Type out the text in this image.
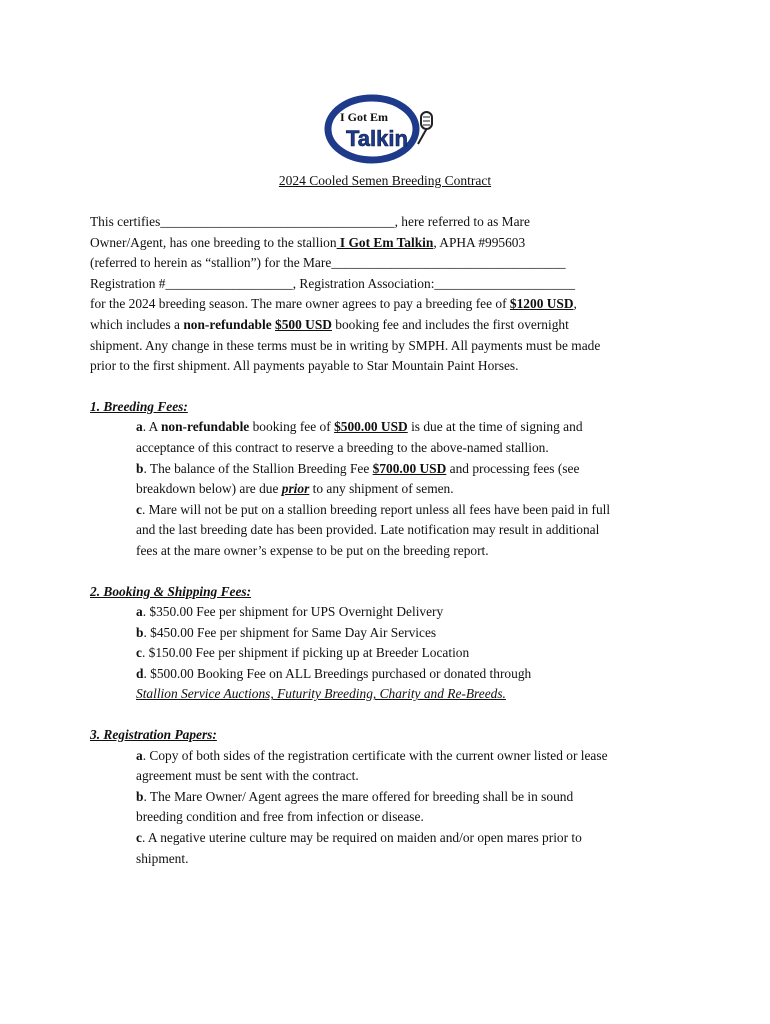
I Got Em
Talkin
2024 Cooled Semen Breeding Contract
This certifies___________________________________, here referred to as Mare
Owner/Agent, has one breeding to the stallion I Got Em Talkin, APHA #995603
(referred to herein as “stallion”) for the Mare___________________________________
Registration #___________________, Registration Association:_____________________
for the 2024 breeding season. The mare owner agrees to pay a breeding fee of $1200 USD,
which includes a non-refundable $500 USD booking fee and includes the first overnight
shipment. Any change in these terms must be in writing by SMPH. All payments must be made
prior to the first shipment. All payments payable to Star Mountain Paint Horses.
1. Breeding Fees:
a. A non-refundable booking fee of $500.00 USD is due at the time of signing and
acceptance of this contract to reserve a breeding to the above-named stallion.
b. The balance of the Stallion Breeding Fee $700.00 USD and processing fees (see
breakdown below) are due prior to any shipment of semen.
c. Mare will not be put on a stallion breeding report unless all fees have been paid in full
and the last breeding date has been provided. Late notification may result in additional
fees at the mare owner’s expense to be put on the breeding report.
2. Booking & Shipping Fees:
a. $350.00 Fee per shipment for UPS Overnight Delivery
b. $450.00 Fee per shipment for Same Day Air Services
c. $150.00 Fee per shipment if picking up at Breeder Location
d. $500.00 Booking Fee on ALL Breedings purchased or donated through
Stallion Service Auctions, Futurity Breeding, Charity and Re-Breeds.
3. Registration Papers:
a. Copy of both sides of the registration certificate with the current owner listed or lease
agreement must be sent with the contract.
b. The Mare Owner/ Agent agrees the mare offered for breeding shall be in sound
breeding condition and free from infection or disease.
c. A negative uterine culture may be required on maiden and/or open mares prior to
shipment.
